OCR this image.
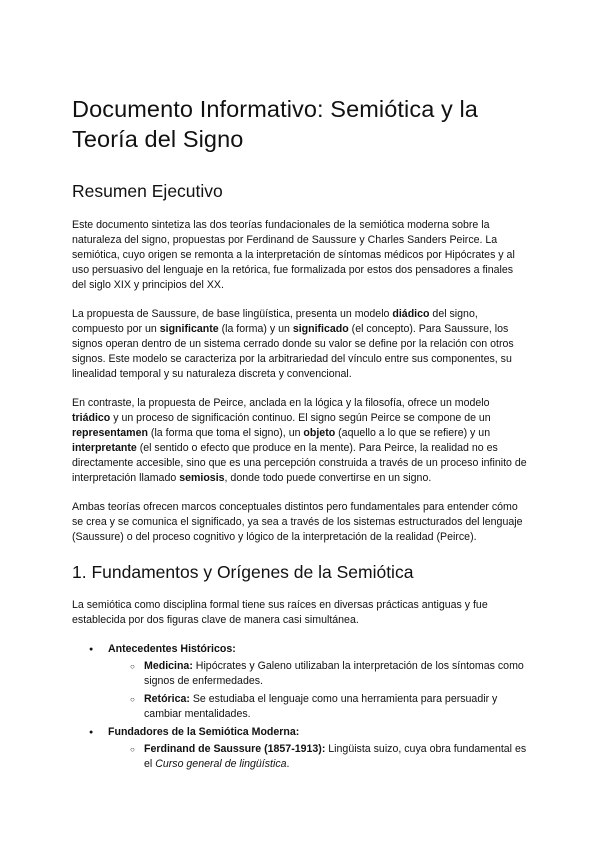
Documento Informativo: Semiótica y la Teoría del Signo
Resumen Ejecutivo

Este documento sintetiza las dos teorías fundacionales de la semiótica moderna sobre la naturaleza del signo, propuestas por Ferdinand de Saussure y Charles Sanders Peirce. La semiótica, cuyo origen se remonta a la interpretación de síntomas médicos por Hipócrates y al uso persuasivo del lenguaje en la retórica, fue formalizada por estos dos pensadores a finales del siglo XIX y principios del XX.

La propuesta de Saussure, de base lingüística, presenta un modelo diádico del signo, compuesto por un significante (la forma) y un significado (el concepto). Para Saussure, los signos operan dentro de un sistema cerrado donde su valor se define por la relación con otros signos. Este modelo se caracteriza por la arbitrariedad del vínculo entre sus componentes, su linealidad temporal y su naturaleza discreta y convencional.

En contraste, la propuesta de Peirce, anclada en la lógica y la filosofía, ofrece un modelo triádico y un proceso de significación continuo. El signo según Peirce se compone de un representamen (la forma que toma el signo), un objeto (aquello a lo que se refiere) y un interpretante (el sentido o efecto que produce en la mente). Para Peirce, la realidad no es directamente accesible, sino que es una percepción construida a través de un proceso infinito de interpretación llamado semiosis, donde todo puede convertirse en un signo.

Ambas teorías ofrecen marcos conceptuales distintos pero fundamentales para entender cómo se crea y se comunica el significado, ya sea a través de los sistemas estructurados del lenguaje (Saussure) o del proceso cognitivo y lógico de la interpretación de la realidad (Peirce).

1. Fundamentos y Orígenes de la Semiótica

La semiótica como disciplina formal tiene sus raíces en diversas prácticas antiguas y fue establecida por dos figuras clave de manera casi simultánea.

● Antecedentes Históricos:
○ Medicina: Hipócrates y Galeno utilizaban la interpretación de los síntomas como signos de enfermedades.
○ Retórica: Se estudiaba el lenguaje como una herramienta para persuadir y cambiar mentalidades.
● Fundadores de la Semiótica Moderna:
○ Ferdinand de Saussure (1857-1913): Lingüista suizo, cuya obra fundamental es el Curso general de lingüística.
